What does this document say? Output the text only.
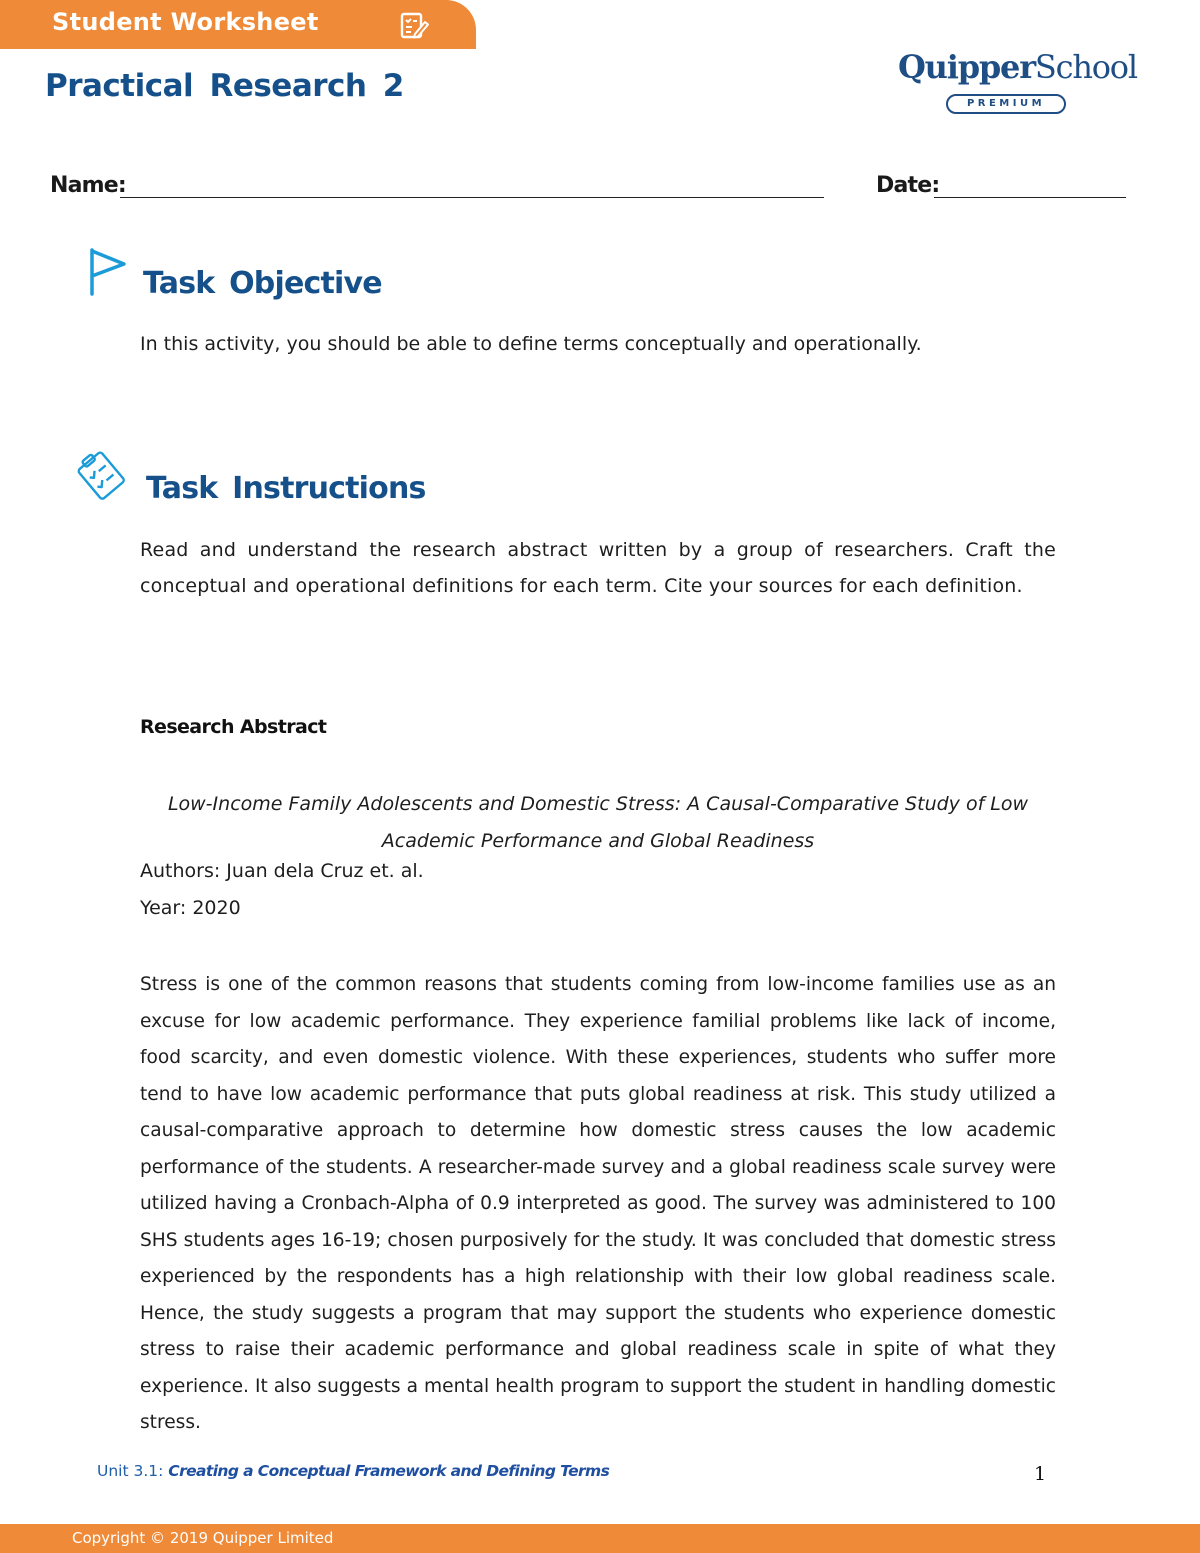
Student Worksheet
Practical Research 2	QuipperSchool
PREMIUM
Name:	Date:
Task Objective

In this activity, you should be able to define terms conceptually and operationally.

Task Instructions

Read and understand the research abstract written by a group of researchers. Craft the conceptual and operational definitions for each term. Cite your sources for each definition.

Research Abstract

Low-Income Family Adolescents and Domestic Stress: A Causal-Comparative Study of Low Academic Performance and Global Readiness

Authors: Juan dela Cruz et. al.

Year: 2020

Stress is one of the common reasons that students coming from low-income families use as an excuse for low academic performance. They experience familial problems like lack of income, food scarcity, and even domestic violence. With these experiences, students who suffer more tend to have low academic performance that puts global readiness at risk. This study utilized a causal-comparative approach to determine how domestic stress causes the low academic performance of the students. A researcher-made survey and a global readiness scale survey were utilized having a Cronbach-Alpha of 0.9 interpreted as good. The survey was administered to 100 SHS students ages 16-19; chosen purposively for the study. It was concluded that domestic stress experienced by the respondents has a high relationship with their low global readiness scale. Hence, the study suggests a program that may support the students who experience domestic stress to raise their academic performance and global readiness scale in spite of what they experience. It also suggests a mental health program to support the student in handling domestic stress.

Unit 3.1: Creating a Conceptual Framework and Defining Terms	1
Copyright © 2019 Quipper Limited
